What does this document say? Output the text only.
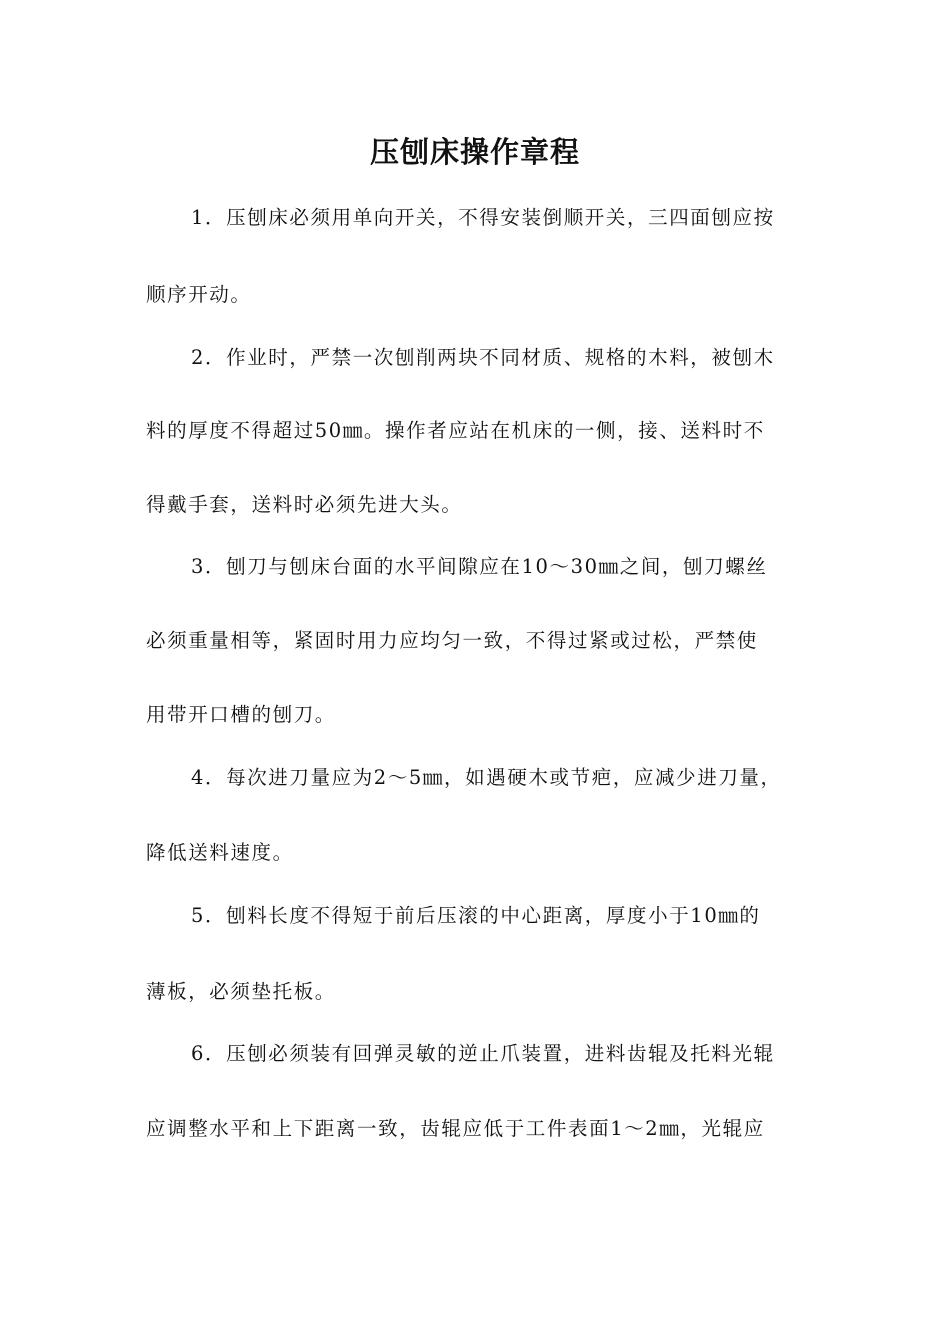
压刨床操作章程
1．压刨床必须用单向开关，不得安装倒顺开关，三四面刨应按
顺序开动。
2．作业时，严禁一次刨削两块不同材质、规格的木料，被刨木
料的厚度不得超过50㎜。操作者应站在机床的一侧，接、送料时不
得戴手套，送料时必须先进大头。
3．刨刀与刨床台面的水平间隙应在10～30㎜之间，刨刀螺丝
必须重量相等，紧固时用力应均匀一致，不得过紧或过松，严禁使
用带开口槽的刨刀。
4．每次进刀量应为2～5㎜，如遇硬木或节疤，应减少进刀量，
降低送料速度。
5．刨料长度不得短于前后压滚的中心距离，厚度小于10㎜的
薄板，必须垫托板。
6．压刨必须装有回弹灵敏的逆止爪装置，进料齿辊及托料光辊
应调整水平和上下距离一致，齿辊应低于工件表面1～2㎜，光辊应
